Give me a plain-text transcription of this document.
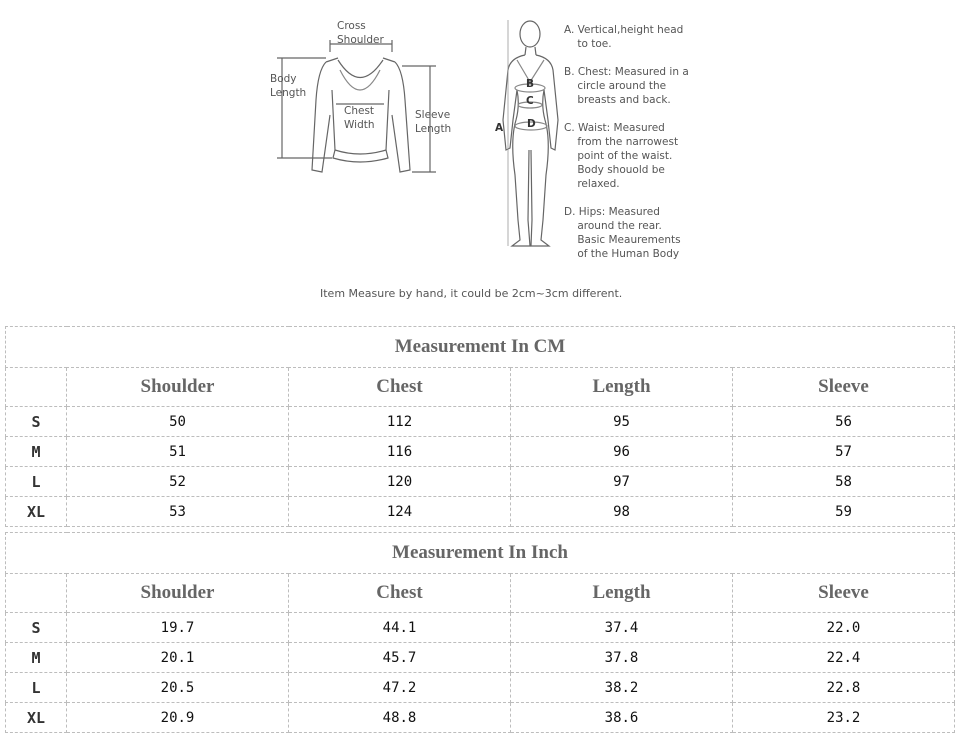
Cross
Shoulder
Body
Length
Chest
Width
Sleeve
Length	A
B
C
D
A. Vertical,height head
to toe.
B. Chest: Measured in a
circle around the
breasts and back.
C. Waist: Measured
from the narrowest
point of the waist.
Body shouold be
relaxed.
D. Hips: Measured
around the rear.
Basic Meaurements
of the Human Body
Item Measure by hand, it could be 2cm~3cm different.
Measurement In CM				
	Shoulder	Chest	Length	Sleeve
S	50	112	95	56
M	51	116	96	57
L	52	120	97	58
XL	53	124	98	59
Measurement In Inch				
	Shoulder	Chest	Length	Sleeve
S	19.7	44.1	37.4	22.0
M	20.1	45.7	37.8	22.4
L	20.5	47.2	38.2	22.8
XL	20.9	48.8	38.6	23.2
